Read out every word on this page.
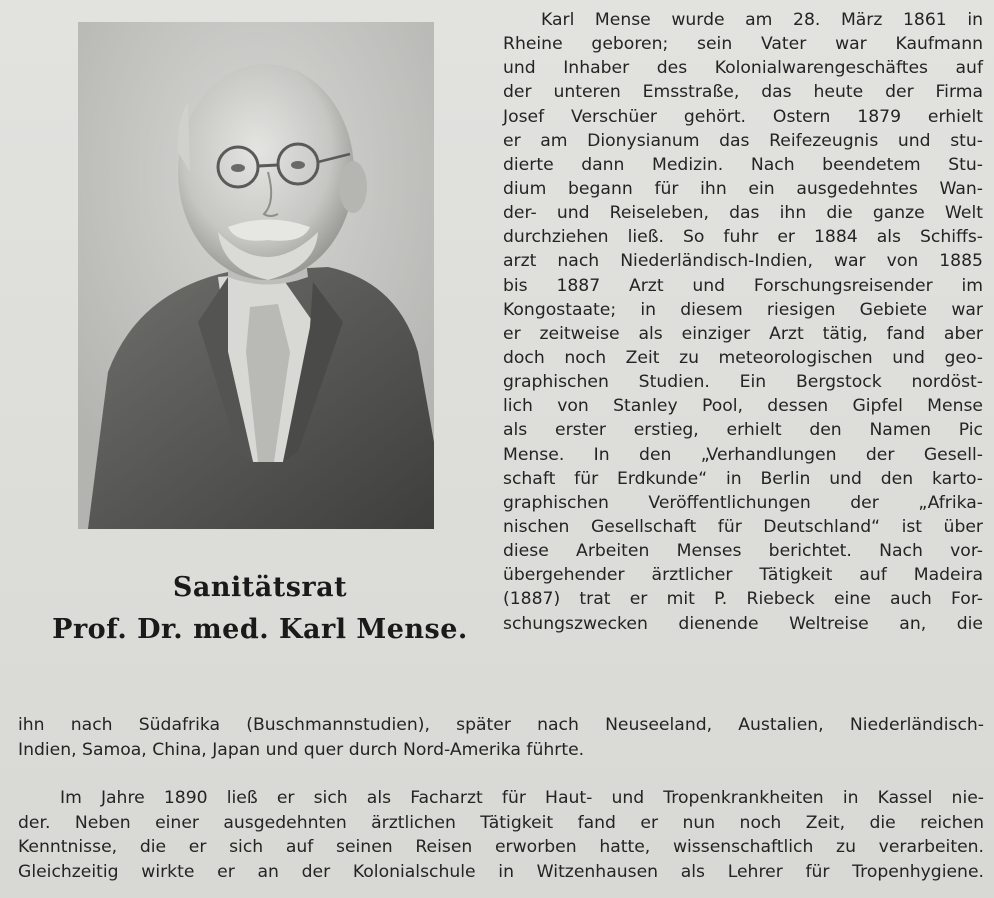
Sanitätsrat
Prof. Dr. med. Karl Mense.
Karl Mense wurde am 28. März 1861 in
Rheine geboren; sein Vater war Kaufmann
und Inhaber des Kolonialwarengeschäftes auf
der unteren Emsstraße, das heute der Firma
Josef Verschüer gehört. Ostern 1879 erhielt
er am Dionysianum das Reifezeugnis und stu-
dierte dann Medizin. Nach beendetem Stu-
dium begann für ihn ein ausgedehntes Wan-
der- und Reiseleben, das ihn die ganze Welt
durchziehen ließ. So fuhr er 1884 als Schiffs-
arzt nach Niederländisch-Indien, war von 1885
bis 1887 Arzt und Forschungsreisender im
Kongostaate; in diesem riesigen Gebiete war
er zeitweise als einziger Arzt tätig, fand aber
doch noch Zeit zu meteorologischen und geo-
graphischen Studien. Ein Bergstock nordöst-
lich von Stanley Pool, dessen Gipfel Mense
als erster erstieg, erhielt den Namen Pic
Mense. In den „Verhandlungen der Gesell-
schaft für Erdkunde“ in Berlin und den karto-
graphischen Veröffentlichungen der „Afrika-
nischen Gesellschaft für Deutschland“ ist über
diese Arbeiten Menses berichtet. Nach vor-
übergehender ärztlicher Tätigkeit auf Madeira
(1887) trat er mit P. Riebeck eine auch For-
schungszwecken dienende Weltreise an, die
ihn nach Südafrika (Buschmannstudien), später nach Neuseeland, Austalien, Niederländisch-
Indien, Samoa, China, Japan und quer durch Nord-Amerika führte.
Im Jahre 1890 ließ er sich als Facharzt für Haut- und Tropenkrankheiten in Kassel nie-
der. Neben einer ausgedehnten ärztlichen Tätigkeit fand er nun noch Zeit, die reichen
Kenntnisse, die er sich auf seinen Reisen erworben hatte, wissenschaftlich zu verarbeiten.
Gleichzeitig wirkte er an der Kolonialschule in Witzenhausen als Lehrer für Tropenhygiene.
